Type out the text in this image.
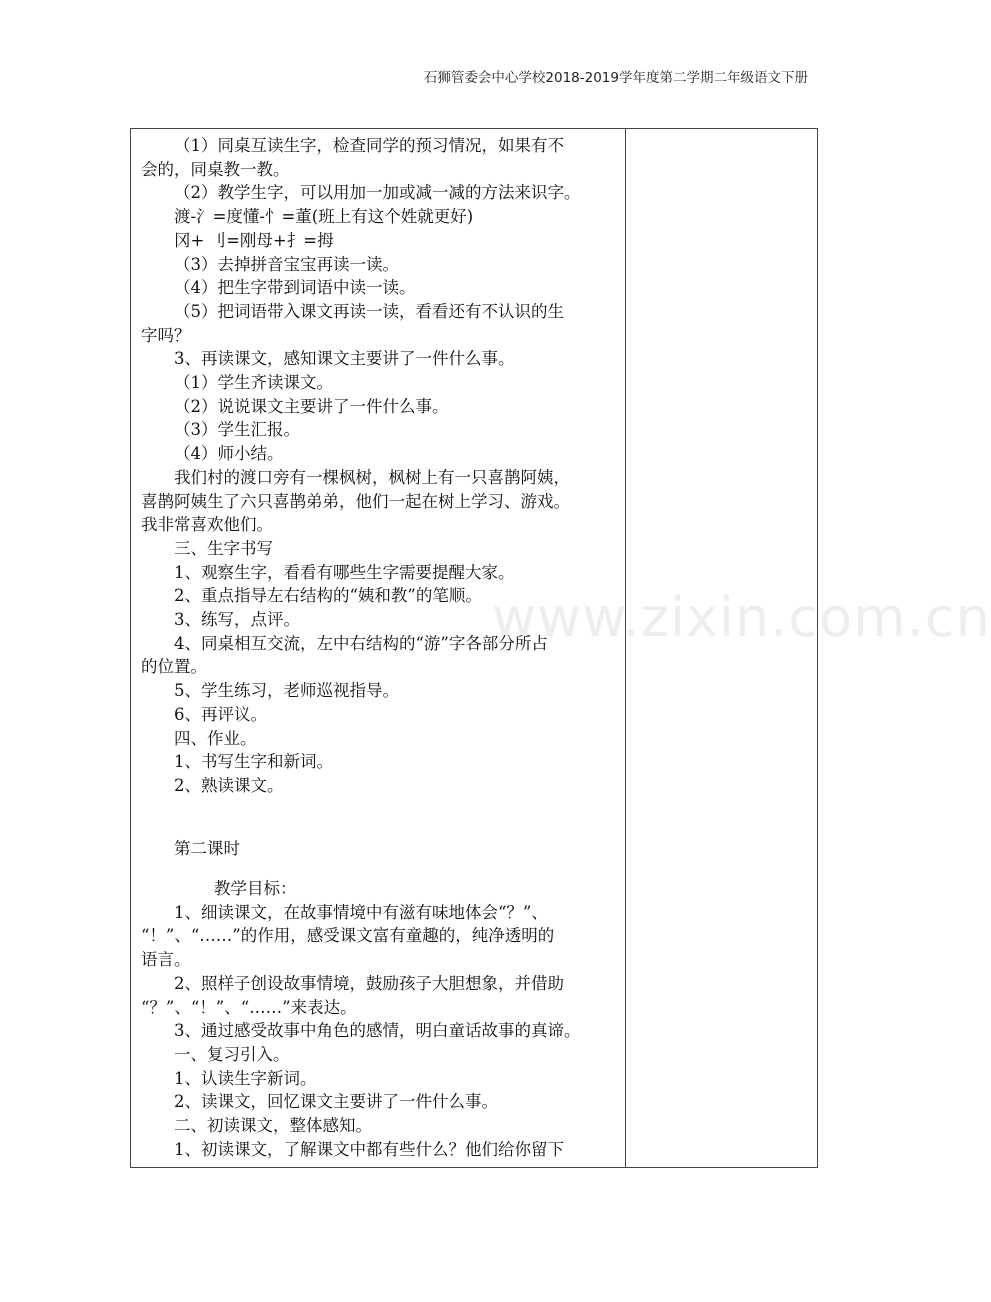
石狮管委会中心学校2018-2019学年度第二学期二年级语文下册

（1）同桌互读生字，检查同学的预习情况，如果有不

会的，同桌教一教。

（2）教学生字，可以用加一加或减一减的方法来识字。

渡-氵=度懂-忄=董(班上有这个姓就更好)

冈+ 刂=刚母+扌=拇

（3）去掉拼音宝宝再读一读。

（4）把生字带到词语中读一读。

（5）把词语带入课文再读一读，看看还有不认识的生

字吗？

3、再读课文，感知课文主要讲了一件什么事。

（1）学生齐读课文。

（2）说说课文主要讲了一件什么事。

（3）学生汇报。

（4）师小结。

我们村的渡口旁有一棵枫树，枫树上有一只喜鹊阿姨，

喜鹊阿姨生了六只喜鹊弟弟，他们一起在树上学习、游戏。

我非常喜欢他们。

三、生字书写

1、观察生字，看看有哪些生字需要提醒大家。

2、重点指导左右结构的“姨和教”的笔顺。

3、练写，点评。

4、同桌相互交流，左中右结构的“游”字各部分所占

的位置。

5、学生练习，老师巡视指导。

6、再评议。

四、作业。

1、书写生字和新词。

2、熟读课文。

第二课时

教学目标：

1、细读课文，在故事情境中有滋有味地体会“？”、

“！”、“……”的作用，感受课文富有童趣的，纯净透明的

语言。

2、照样子创设故事情境，鼓励孩子大胆想象，并借助

“？”、“！”、“……”来表达。

3、通过感受故事中角色的感情，明白童话故事的真谛。

一、复习引入。

1、认读生字新词。

2、读课文，回忆课文主要讲了一件什么事。

二、初读课文，整体感知。

1、初读课文，了解课文中都有些什么？他们给你留下

www.zixin.com.cn
